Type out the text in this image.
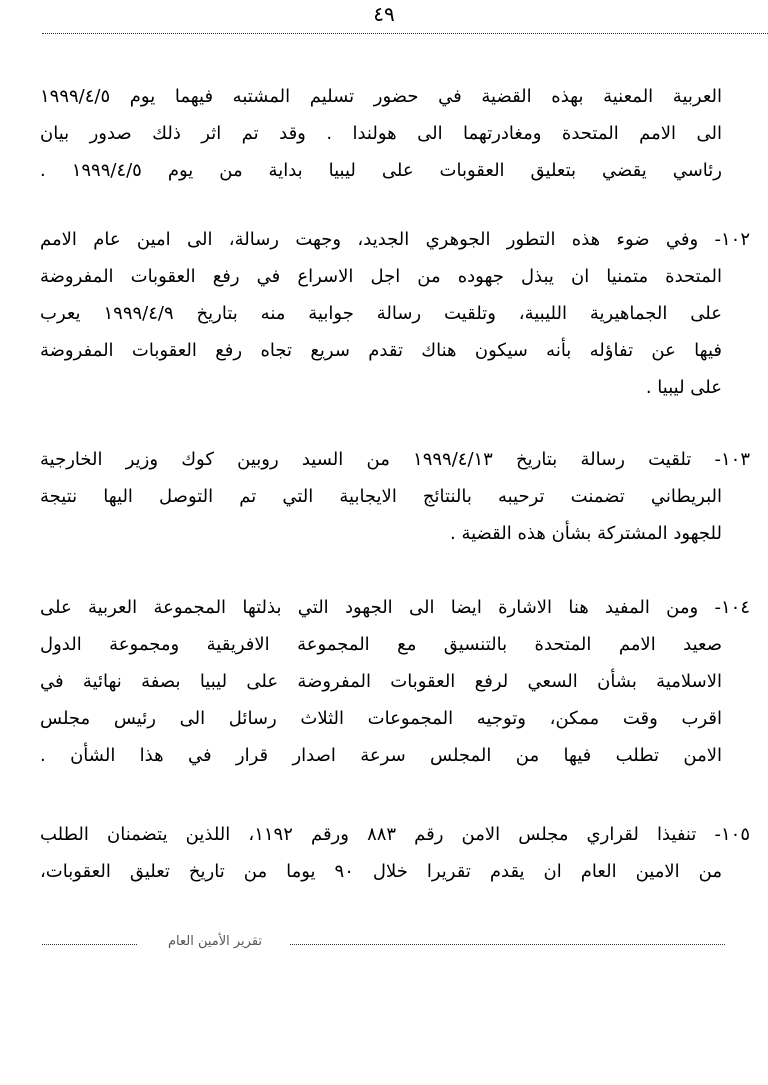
٤٩
العربية المعنية بهذه القضية في حضور تسليم المشتبه فيهما يوم ١٩٩٩/٤/٥
الى الامم المتحدة ومغادرتهما الى هولندا . وقد تم اثر ذلك صدور بيان
رئاسي يقضي بتعليق العقوبات على ليبيا بداية من يوم ١٩٩٩/٤/٥ .
١٠٢- وفي ضوء هذه التطور الجوهري الجديد، وجهت رسالة، الى امين عام الامم
المتحدة متمنيا ان يبذل جهوده من اجل الاسراع في رفع العقوبات المفروضة
على الجماهيرية الليبية، وتلقيت رسالة جوابية منه بتاريخ ١٩٩٩/٤/٩ يعرب
فيها عن تفاؤله بأنه سيكون هناك تقدم سريع تجاه رفع العقوبات المفروضة
على ليبيا .
١٠٣- تلقيت رسالة بتاريخ ١٩٩٩/٤/١٣ من السيد روبين كوك وزير الخارجية
البريطاني تضمنت ترحيبه بالنتائج الايجابية التي تم التوصل اليها نتيجة
للجهود المشتركة بشأن هذه القضية .
١٠٤- ومن المفيد هنا الاشارة ايضا الى الجهود التي بذلتها المجموعة العربية على
صعيد الامم المتحدة بالتنسيق مع المجموعة الافريقية ومجموعة الدول
الاسلامية بشأن السعي لرفع العقوبات المفروضة على ليبيا بصفة نهائية في
اقرب وقت ممكن، وتوجيه المجموعات الثلاث رسائل الى رئيس مجلس
الامن تطلب فيها من المجلس سرعة اصدار قرار في هذا الشأن .
١٠٥- تنفيذا لقراري مجلس الامن رقم ٨٨٣ ورقم ١١٩٢، اللذين يتضمنان الطلب
من الامين العام ان يقدم تقريرا خلال ٩٠ يوما من تاريخ تعليق العقوبات،
تقرير الأمين العام
